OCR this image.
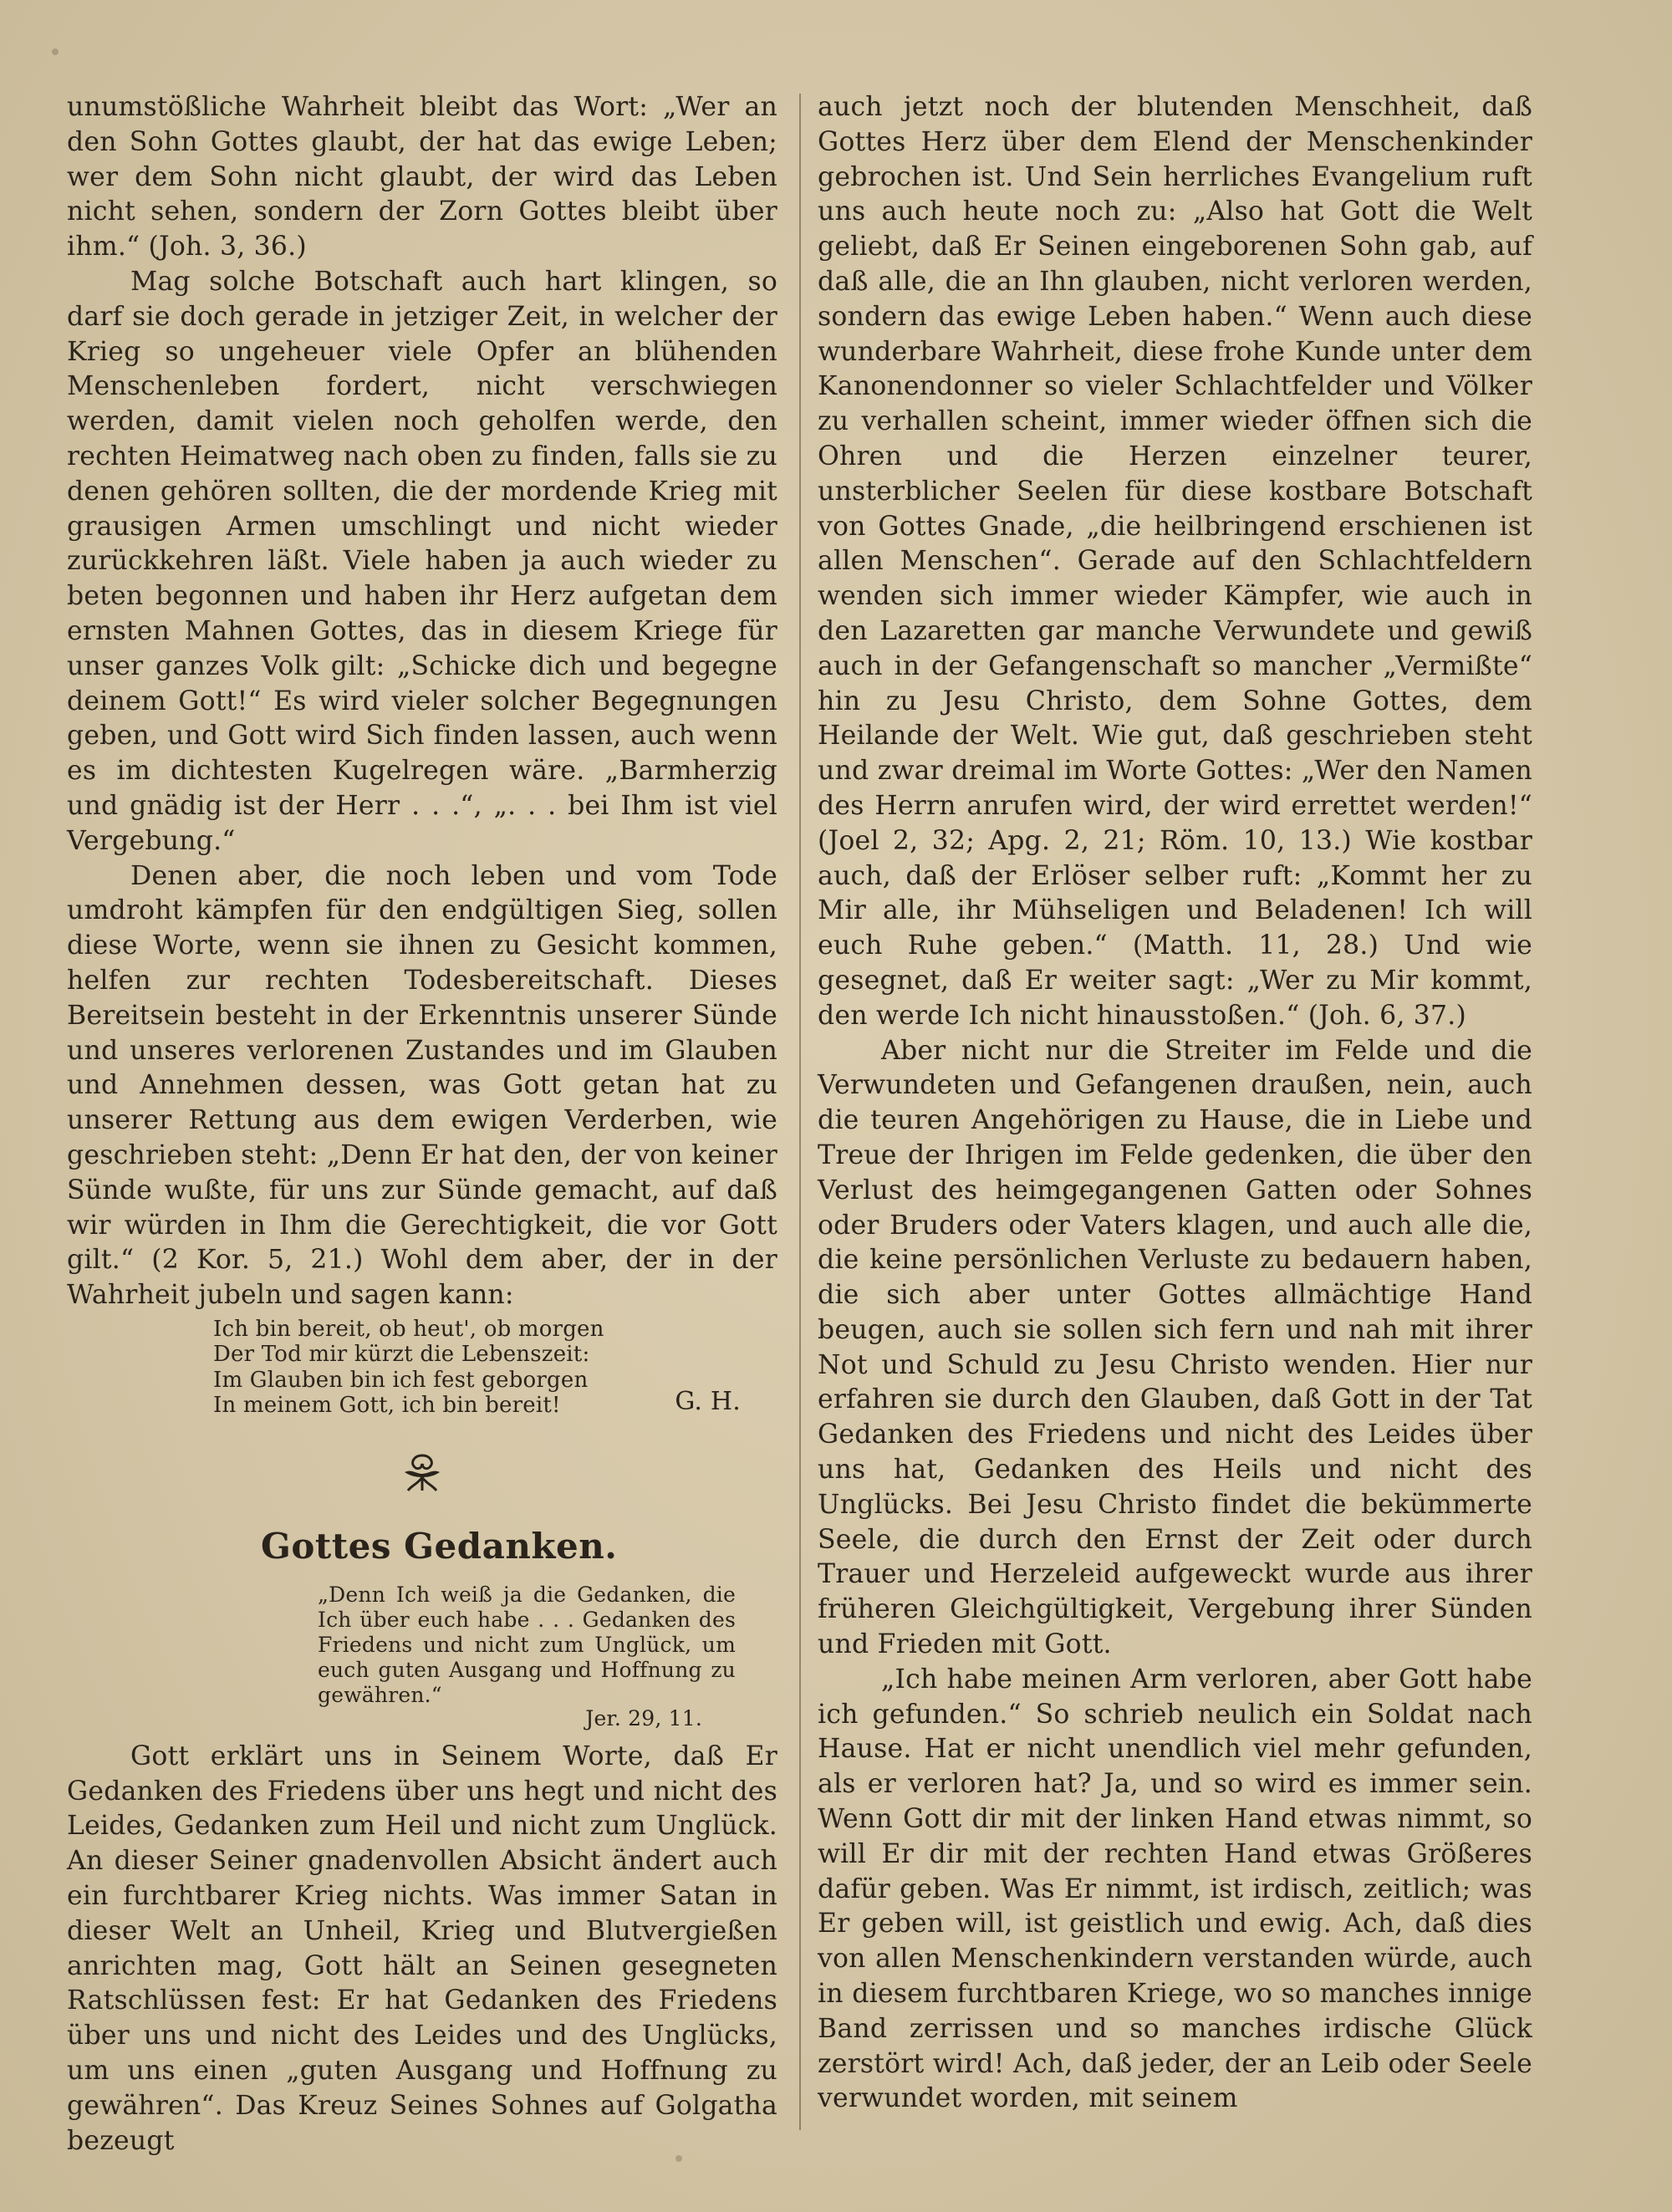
unumstößliche Wahrheit bleibt das Wort: „Wer an den Sohn Gottes glaubt, der hat das ewige Leben; wer dem Sohn nicht glaubt, der wird das Leben nicht sehen, sondern der Zorn Gottes bleibt über ihm.“ (Joh. 3, 36.)

Mag solche Botschaft auch hart klingen, so darf sie doch gerade in jetziger Zeit, in welcher der Krieg so ungeheuer viele Opfer an blühenden Menschenleben fordert, nicht verschwiegen werden, damit vielen noch geholfen werde, den rechten Heimatweg nach oben zu finden, falls sie zu denen gehören sollten, die der mordende Krieg mit grausigen Armen umschlingt und nicht wieder zurückkehren läßt. Viele haben ja auch wieder zu beten begonnen und haben ihr Herz aufgetan dem ernsten Mahnen Gottes, das in diesem Kriege für unser ganzes Volk gilt: „Schicke dich und begegne deinem Gott!“ Es wird vieler solcher Begegnungen geben, und Gott wird Sich finden lassen, auch wenn es im dichtesten Kugelregen wäre. „Barmherzig und gnädig ist der Herr . . .“, „. . . bei Ihm ist viel Vergebung.“

Denen aber, die noch leben und vom Tode umdroht kämpfen für den endgültigen Sieg, sollen diese Worte, wenn sie ihnen zu Gesicht kommen, helfen zur rechten Todesbereitschaft. Dieses Bereitsein besteht in der Erkenntnis unserer Sünde und unseres verlorenen Zustandes und im Glauben und Annehmen dessen, was Gott getan hat zu unserer Rettung aus dem ewigen Verderben, wie geschrieben steht: „Denn Er hat den, der von keiner Sünde wußte, für uns zur Sünde gemacht, auf daß wir würden in Ihm die Gerechtigkeit, die vor Gott gilt.“ (2 Kor. 5, 21.) Wohl dem aber, der in der Wahrheit jubeln und sagen kann:

Ich bin bereit, ob heut', ob morgen
Der Tod mir kürzt die Lebenszeit:
Im Glauben bin ich fest geborgen
In meinem Gott, ich bin bereit!	G. H.
Gottes Gedanken.
„Denn Ich weiß ja die Gedanken, die Ich über euch habe . . . Gedanken des Friedens und nicht zum Unglück, um euch guten Ausgang und Hoffnung zu gewähren.“
Jer. 29, 11.

Gott erklärt uns in Seinem Worte, daß Er Gedanken des Friedens über uns hegt und nicht des Leides, Gedanken zum Heil und nicht zum Unglück. An dieser Seiner gnadenvollen Absicht ändert auch ein furchtbarer Krieg nichts. Was immer Satan in dieser Welt an Unheil, Krieg und Blutvergießen anrichten mag, Gott hält an Seinen gesegneten Ratschlüssen fest: Er hat Gedanken des Friedens über uns und nicht des Leides und des Unglücks, um uns einen „guten Ausgang und Hoffnung zu gewähren“. Das Kreuz Seines Sohnes auf Golgatha bezeugt

auch jetzt noch der blutenden Menschheit, daß Gottes Herz über dem Elend der Menschenkinder gebrochen ist. Und Sein herrliches Evangelium ruft uns auch heute noch zu: „Also hat Gott die Welt geliebt, daß Er Seinen eingeborenen Sohn gab, auf daß alle, die an Ihn glauben, nicht verloren werden, sondern das ewige Leben haben.“ Wenn auch diese wunderbare Wahrheit, diese frohe Kunde unter dem Kanonendonner so vieler Schlachtfelder und Völker zu verhallen scheint, immer wieder öffnen sich die Ohren und die Herzen einzelner teurer, unsterblicher Seelen für diese kostbare Botschaft von Gottes Gnade, „die heilbringend erschienen ist allen Menschen“. Gerade auf den Schlachtfeldern wenden sich immer wieder Kämpfer, wie auch in den Lazaretten gar manche Verwundete und gewiß auch in der Gefangenschaft so mancher „Vermißte“ hin zu Jesu Christo, dem Sohne Gottes, dem Heilande der Welt. Wie gut, daß geschrieben steht und zwar dreimal im Worte Gottes: „Wer den Namen des Herrn anrufen wird, der wird errettet werden!“ (Joel 2, 32; Apg. 2, 21; Röm. 10, 13.) Wie kostbar auch, daß der Erlöser selber ruft: „Kommt her zu Mir alle, ihr Mühseligen und Beladenen! Ich will euch Ruhe geben.“ (Matth. 11, 28.) Und wie gesegnet, daß Er weiter sagt: „Wer zu Mir kommt, den werde Ich nicht hinausstoßen.“ (Joh. 6, 37.)

Aber nicht nur die Streiter im Felde und die Verwundeten und Gefangenen draußen, nein, auch die teuren Angehörigen zu Hause, die in Liebe und Treue der Ihrigen im Felde gedenken, die über den Verlust des heimgegangenen Gatten oder Sohnes oder Bruders oder Vaters klagen, und auch alle die, die keine persönlichen Verluste zu bedauern haben, die sich aber unter Gottes allmächtige Hand beugen, auch sie sollen sich fern und nah mit ihrer Not und Schuld zu Jesu Christo wenden. Hier nur erfahren sie durch den Glauben, daß Gott in der Tat Gedanken des Friedens und nicht des Leides über uns hat, Gedanken des Heils und nicht des Unglücks. Bei Jesu Christo findet die bekümmerte Seele, die durch den Ernst der Zeit oder durch Trauer und Herzeleid aufgeweckt wurde aus ihrer früheren Gleichgültigkeit, Vergebung ihrer Sünden und Frieden mit Gott.

„Ich habe meinen Arm verloren, aber Gott habe ich gefunden.“ So schrieb neulich ein Soldat nach Hause. Hat er nicht unendlich viel mehr gefunden, als er verloren hat? Ja, und so wird es immer sein. Wenn Gott dir mit der linken Hand etwas nimmt, so will Er dir mit der rechten Hand etwas Größeres dafür geben. Was Er nimmt, ist irdisch, zeitlich; was Er geben will, ist geistlich und ewig. Ach, daß dies von allen Menschenkindern verstanden würde, auch in diesem furchtbaren Kriege, wo so manches innige Band zerrissen und so manches irdische Glück zerstört wird! Ach, daß jeder, der an Leib oder Seele verwundet worden, mit seinem
